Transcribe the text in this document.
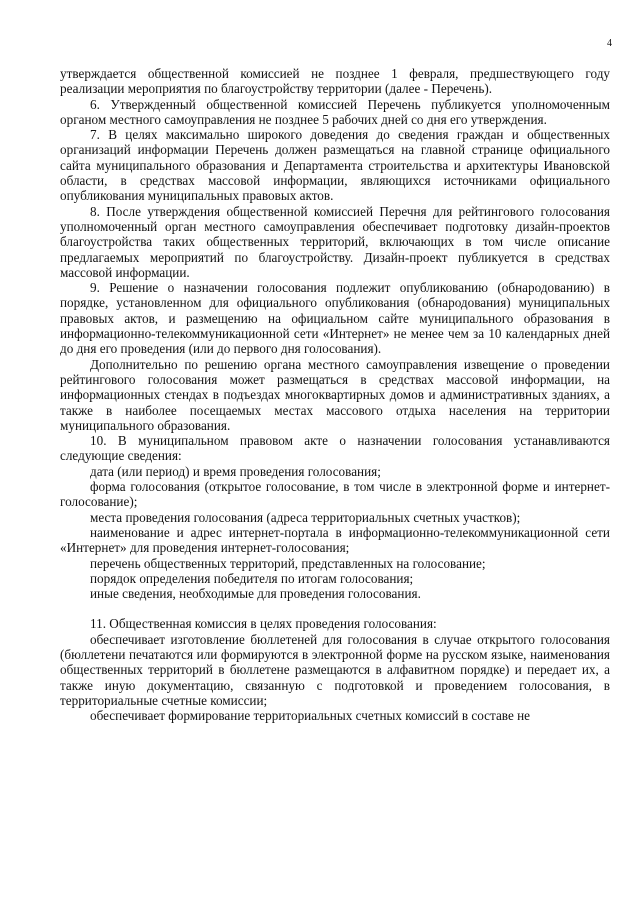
4

утверждается общественной комиссией не позднее 1 февраля, предшествующего году реализации мероприятия по благоустройству территории (далее - Перечень).

6. Утвержденный общественной комиссией Перечень публикуется уполномоченным органом местного самоуправления не позднее 5 рабочих дней со дня его утверждения.

7. В целях максимально широкого доведения до сведения граждан и общественных организаций информации Перечень должен размещаться на главной странице официального сайта муниципального образования и Департамента строительства и архитектуры Ивановской области, в средствах массовой информации, являющихся источниками официального опубликования муниципальных правовых актов.

8. После утверждения общественной комиссией Перечня для рейтингового голосования уполномоченный орган местного самоуправления обеспечивает подготовку дизайн-проектов благоустройства таких общественных территорий, включающих в том числе описание предлагаемых мероприятий по благоустройству. Дизайн-проект публикуется в средствах массовой информации.

9. Решение о назначении голосования подлежит опубликованию (обнародованию) в порядке, установленном для официального опубликования (обнародования) муниципальных правовых актов, и размещению на официальном сайте муниципального образования в информационно-телекоммуникационной сети «Интернет» не менее чем за 10 календарных дней до дня его проведения (или до первого дня голосования).

Дополнительно по решению органа местного самоуправления извещение о проведении рейтингового голосования может размещаться в средствах массовой информации, на информационных стендах в подъездах многоквартирных домов и административных зданиях, а также в наиболее посещаемых местах массового отдыха населения на территории муниципального образования.

10. В муниципальном правовом акте о назначении голосования устанавливаются следующие сведения:

дата (или период) и время проведения голосования;

форма голосования (открытое голосование, в том числе в электронной форме и интернет-голосование);

места проведения голосования (адреса территориальных счетных участков);

наименование и адрес интернет-портала в информационно-телекоммуникационной сети «Интернет» для проведения интернет-голосования;

перечень общественных территорий, представленных на голосование;

порядок определения победителя по итогам голосования;

иные сведения, необходимые для проведения голосования.

11. Общественная комиссия в целях проведения голосования:

обеспечивает изготовление бюллетеней для голосования в случае открытого голосования (бюллетени печатаются или формируются в электронной форме на русском языке, наименования общественных территорий в бюллетене размещаются в алфавитном порядке) и передает их, а также иную документацию, связанную с подготовкой и проведением голосования, в территориальные счетные комиссии;

обеспечивает формирование территориальных счетных комиссий в составе не
